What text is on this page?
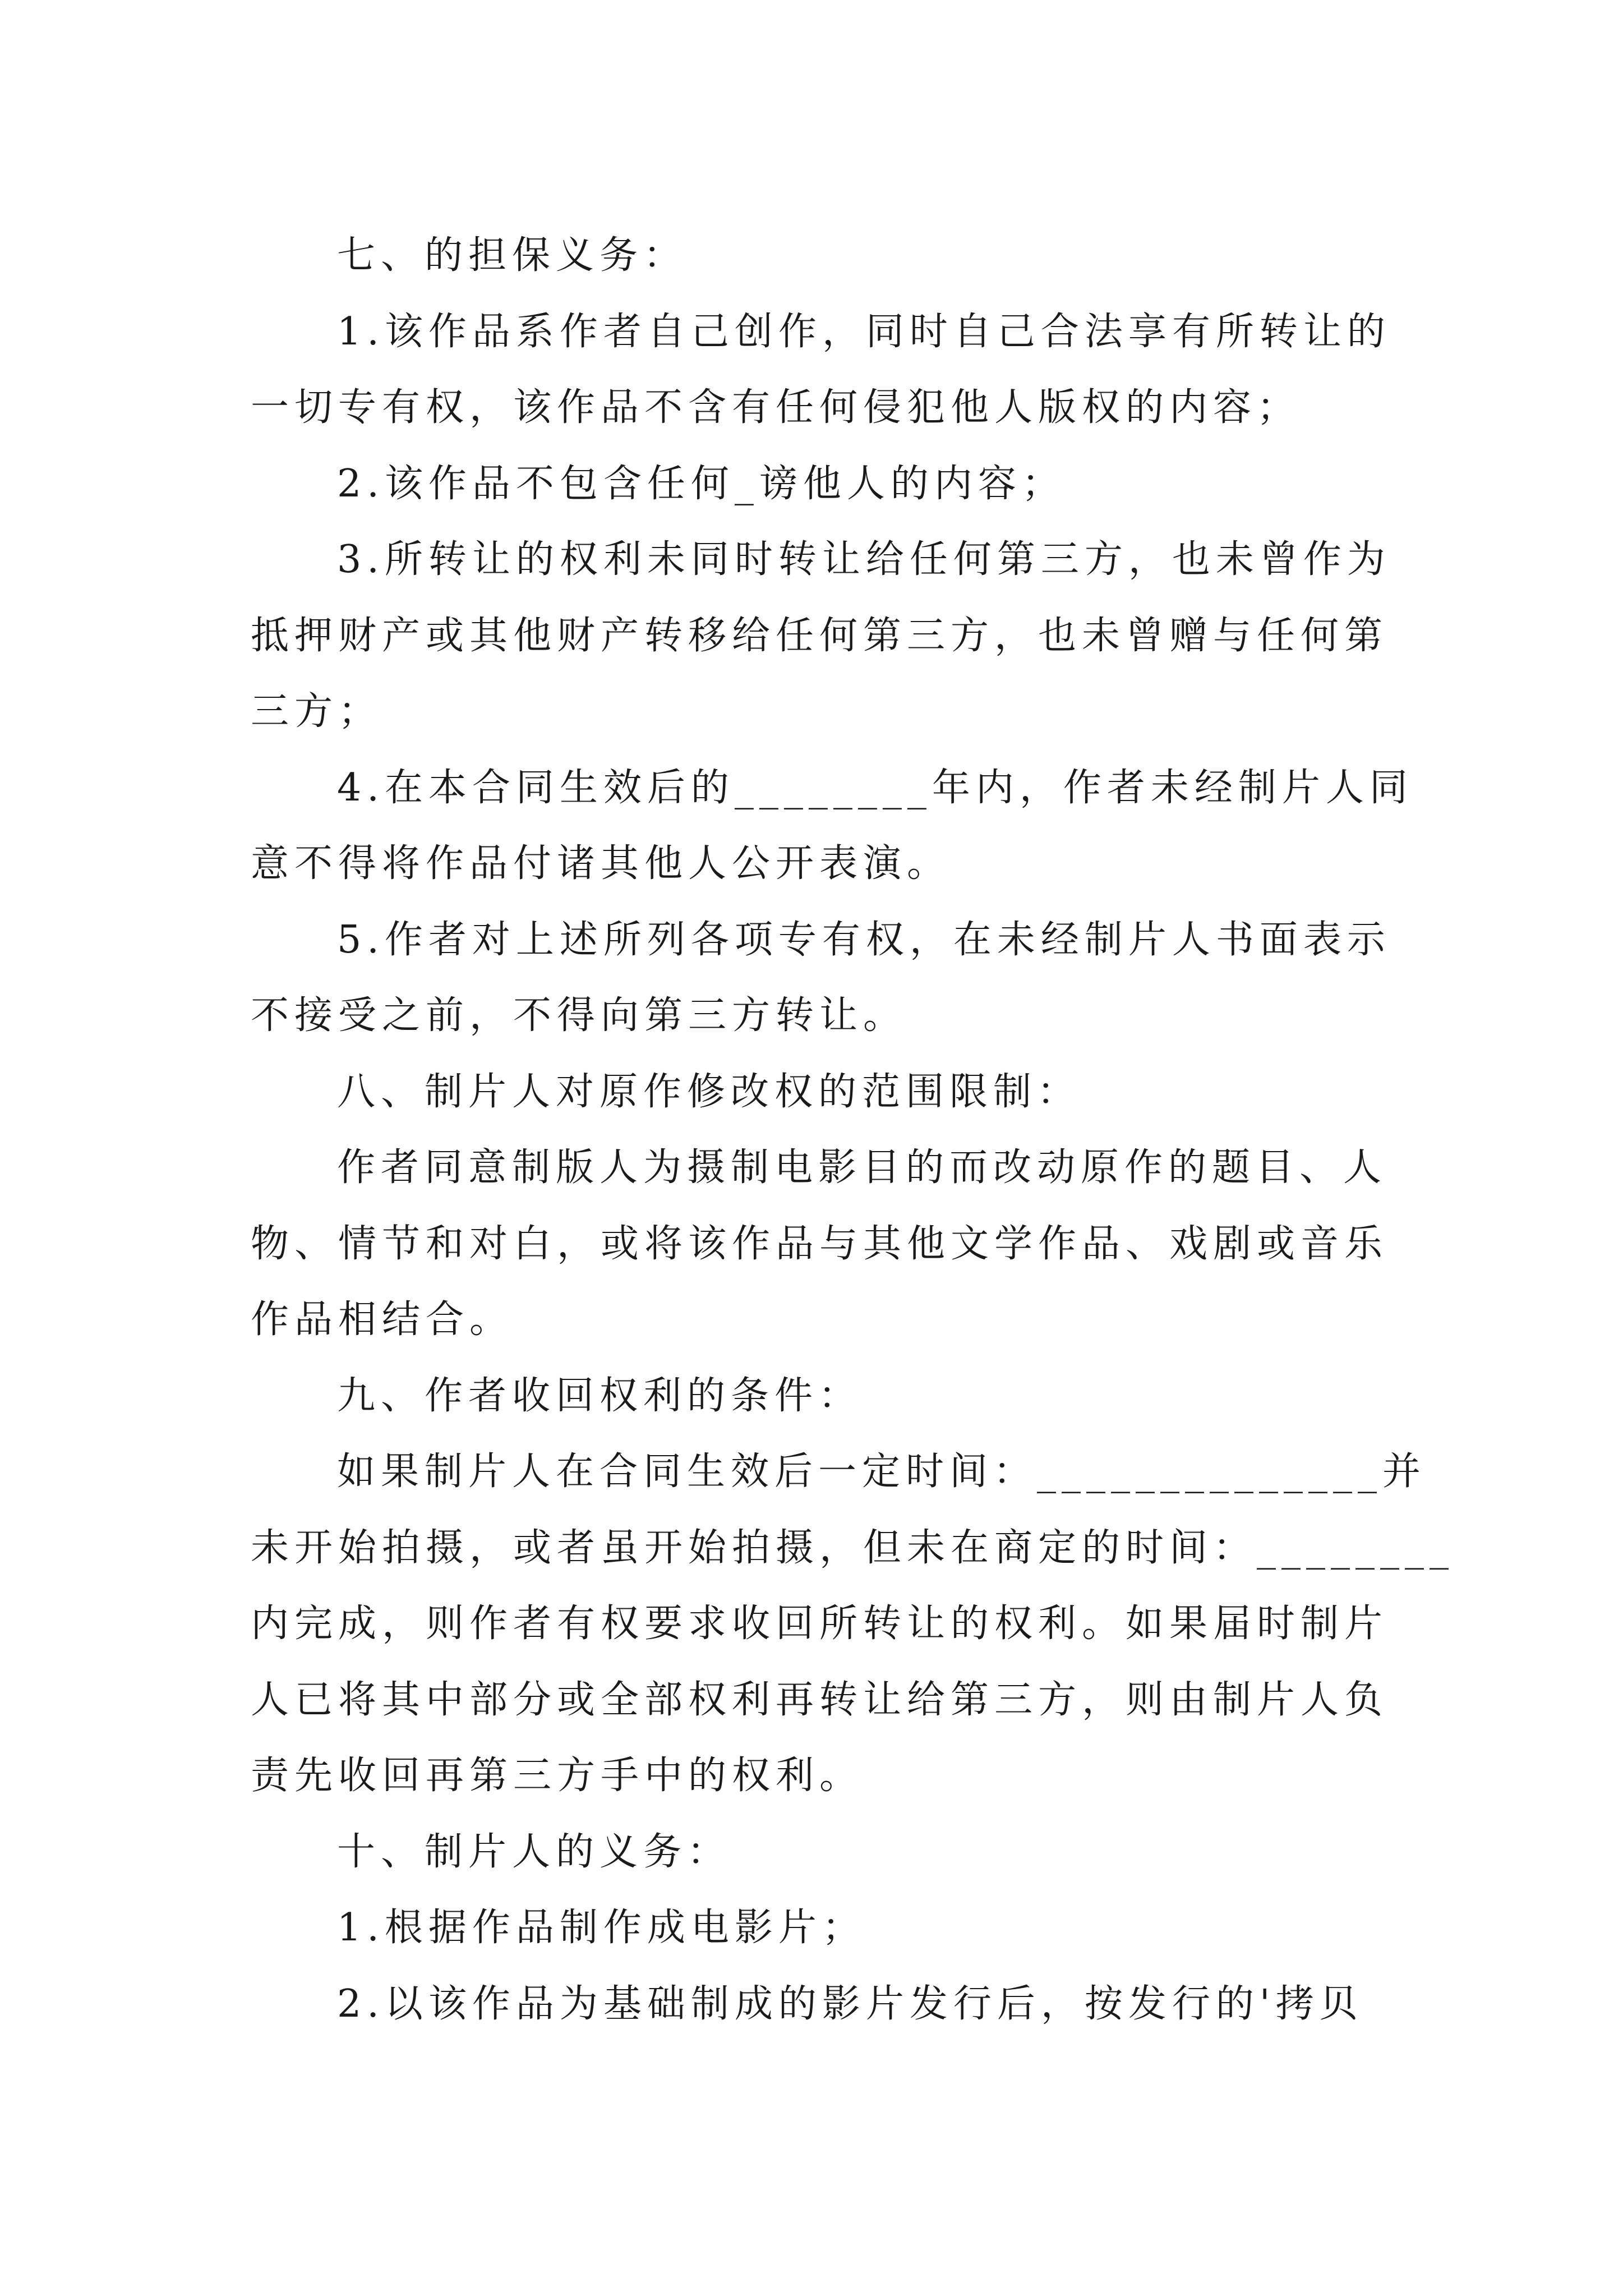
七、的担保义务：
1.该作品系作者自己创作，同时自己合法享有所转让的
一切专有权，该作品不含有任何侵犯他人版权的内容；
2.该作品不包含任何_谤他人的内容；
3.所转让的权利未同时转让给任何第三方，也未曾作为
抵押财产或其他财产转移给任何第三方，也未曾赠与任何第
三方；
4.在本合同生效后的________年内，作者未经制片人同
意不得将作品付诸其他人公开表演。
5.作者对上述所列各项专有权，在未经制片人书面表示
不接受之前，不得向第三方转让。
八、制片人对原作修改权的范围限制：
作者同意制版人为摄制电影目的而改动原作的题目、人
物、情节和对白，或将该作品与其他文学作品、戏剧或音乐
作品相结合。
九、作者收回权利的条件：
如果制片人在合同生效后一定时间：______________并
未开始拍摄，或者虽开始拍摄，但未在商定的时间：________
内完成，则作者有权要求收回所转让的权利。如果届时制片
人已将其中部分或全部权利再转让给第三方，则由制片人负
责先收回再第三方手中的权利。
十、制片人的义务：
1.根据作品制作成电影片；
2.以该作品为基础制成的影片发行后，按发行的'拷贝
